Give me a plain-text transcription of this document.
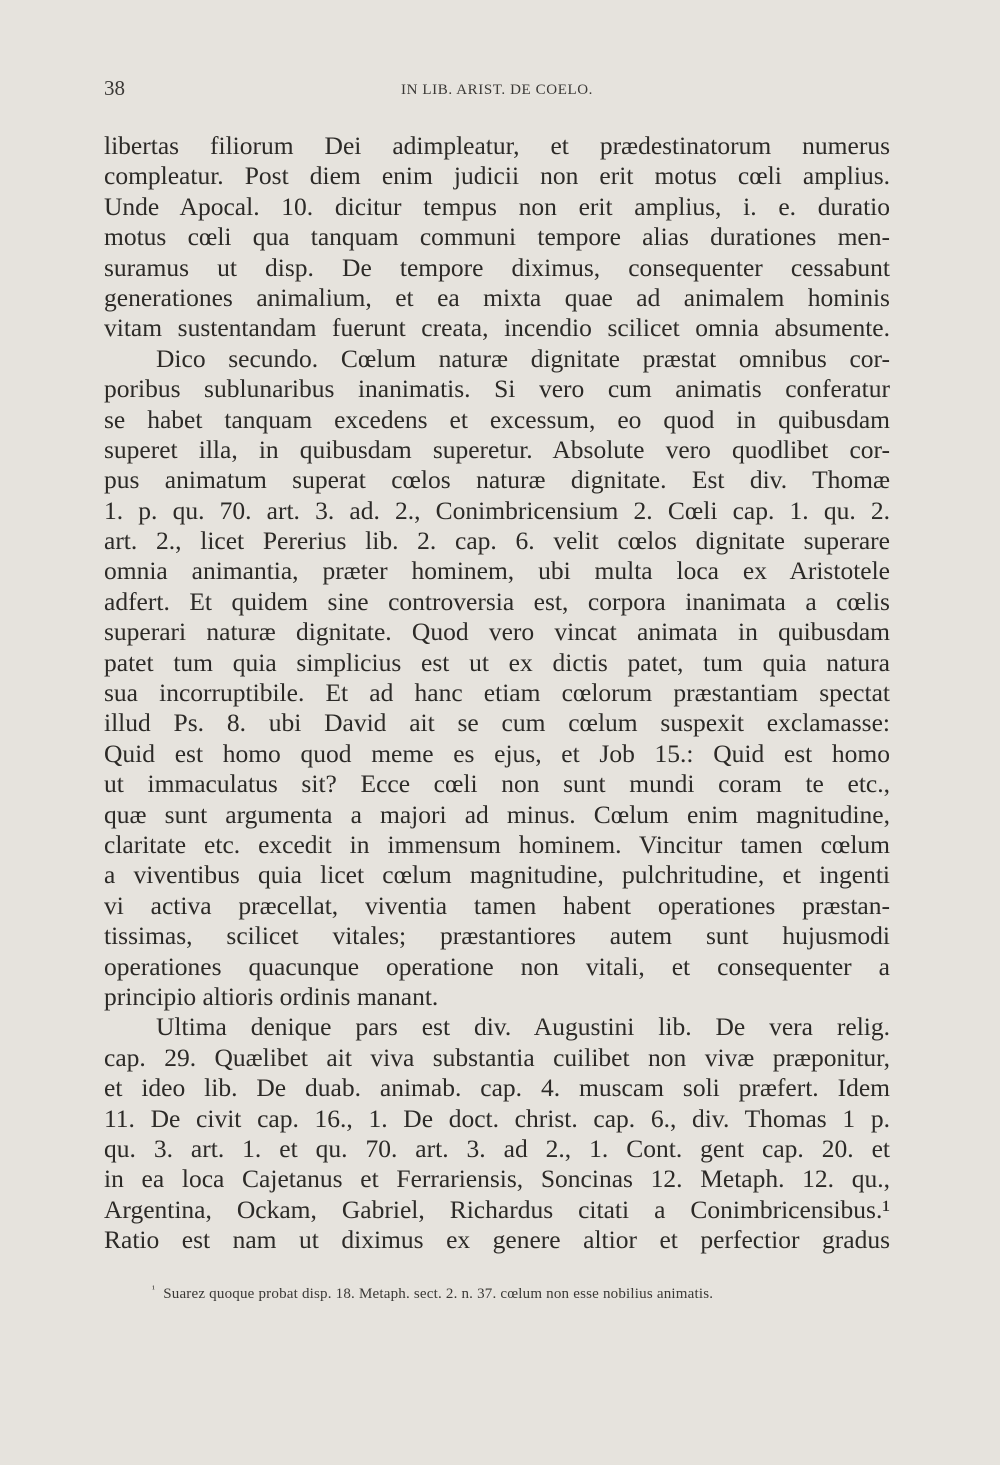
38	IN LIB. ARIST. DE COELO.
libertas filiorum Dei adimpleatur, et prædestinatorum numerus
compleatur. Post diem enim judicii non erit motus cœli amplius.
Unde Apocal. 10. dicitur tempus non erit amplius, i. e. duratio
motus cœli qua tanquam communi tempore alias durationes men-
suramus ut disp. De tempore diximus, consequenter cessabunt
generationes animalium, et ea mixta quae ad animalem hominis
vitam sustentandam fuerunt creata, incendio scilicet omnia absumente.
Dico secundo. Cœlum naturæ dignitate præstat omnibus cor-
poribus sublunaribus inanimatis. Si vero cum animatis conferatur
se habet tanquam excedens et excessum, eo quod in quibusdam
superet illa, in quibusdam superetur. Absolute vero quodlibet cor-
pus animatum superat cœlos naturæ dignitate. Est div. Thomæ
1. p. qu. 70. art. 3. ad. 2., Conimbricensium 2. Cœli cap. 1. qu. 2.
art. 2., licet Pererius lib. 2. cap. 6. velit cœlos dignitate superare
omnia animantia, præter hominem, ubi multa loca ex Aristotele
adfert. Et quidem sine controversia est, corpora inanimata a cœlis
superari naturæ dignitate. Quod vero vincat animata in quibusdam
patet tum quia simplicius est ut ex dictis patet, tum quia natura
sua incorruptibile. Et ad hanc etiam cœlorum præstantiam spectat
illud Ps. 8. ubi David ait se cum cœlum suspexit exclamasse:
Quid est homo quod meme es ejus, et Job 15.: Quid est homo
ut immaculatus sit? Ecce cœli non sunt mundi coram te etc.,
quæ sunt argumenta a majori ad minus. Cœlum enim magnitudine,
claritate etc. excedit in immensum hominem. Vincitur tamen cœlum
a viventibus quia licet cœlum magnitudine, pulchritudine, et ingenti
vi activa præcellat, viventia tamen habent operationes præstan-
tissimas, scilicet vitales; præstantiores autem sunt hujusmodi
operationes quacunque operatione non vitali, et consequenter a
principio altioris ordinis manant.
Ultima denique pars est div. Augustini lib. De vera relig.
cap. 29. Quælibet ait viva substantia cuilibet non vivæ præponitur,
et ideo lib. De duab. animab. cap. 4. muscam soli præfert. Idem
11. De civit cap. 16., 1. De doct. christ. cap. 6., div. Thomas 1 p.
qu. 3. art. 1. et qu. 70. art. 3. ad 2., 1. Cont. gent cap. 20. et
in ea loca Cajetanus et Ferrariensis, Soncinas 12. Metaph. 12. qu.,
Argentina, Ockam, Gabriel, Richardus citati a Conimbricensibus.¹
Ratio est nam ut diximus ex genere altior et perfectior gradus
¹ Suarez quoque probat disp. 18. Metaph. sect. 2. n. 37. cœlum non esse nobilius animatis.
